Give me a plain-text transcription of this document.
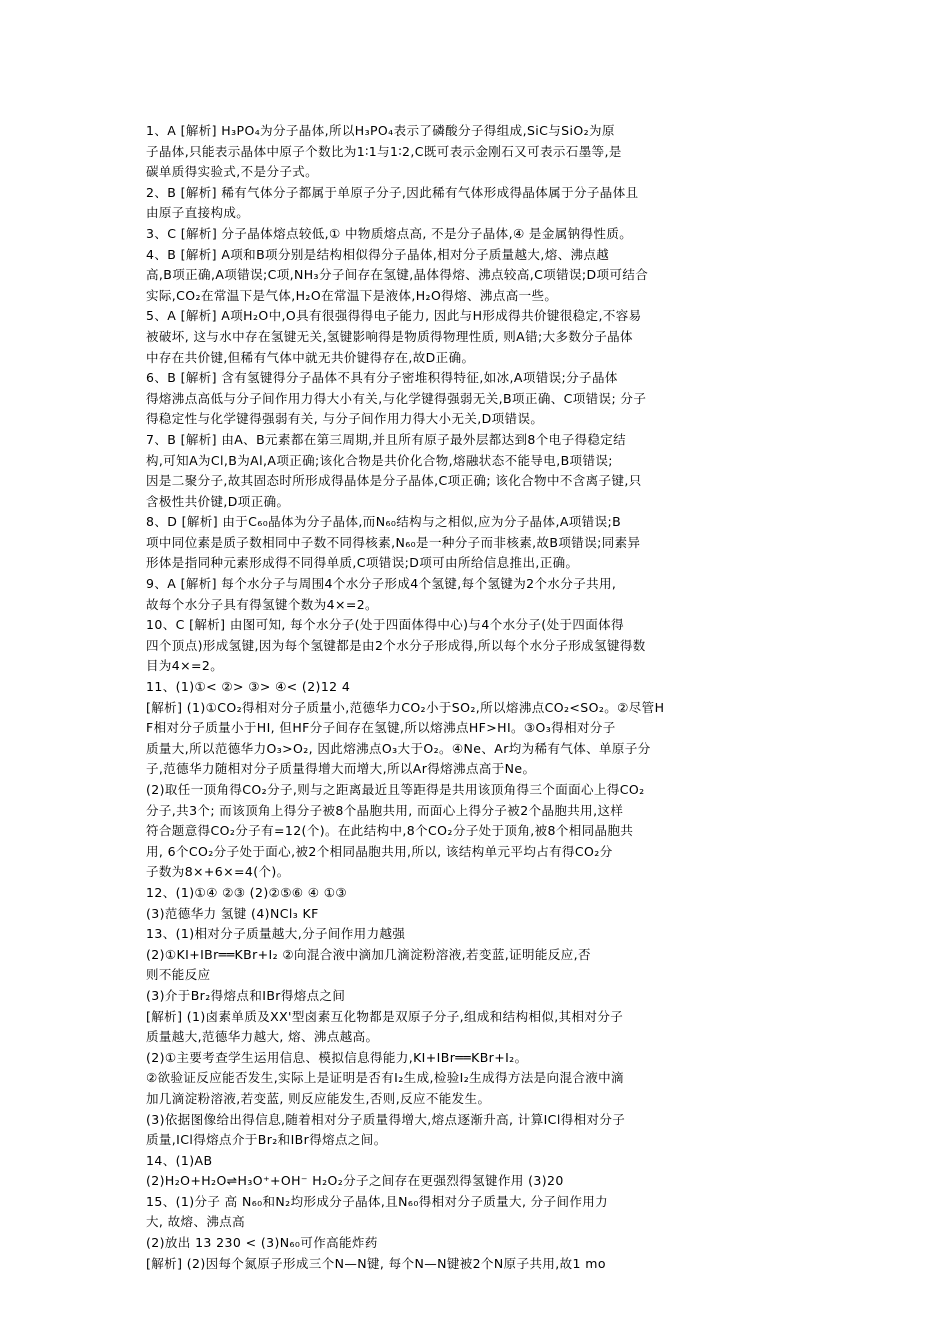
1、A [解析] H₃PO₄为分子晶体,所以H₃PO₄表示了磷酸分子得组成,SiC与SiO₂为原
子晶体,只能表示晶体中原子个数比为1∶1与1∶2,C既可表示金刚石又可表示石墨等,是
碳单质得实验式,不是分子式。
2、B [解析] 稀有气体分子都属于单原子分子,因此稀有气体形成得晶体属于分子晶体且
由原子直接构成。
3、C [解析] 分子晶体熔点较低,① 中物质熔点高, 不是分子晶体,④ 是金属钠得性质。
4、B [解析] A项和B项分别是结构相似得分子晶体,相对分子质量越大,熔、沸点越
高,B项正确,A项错误;C项,NH₃分子间存在氢键,晶体得熔、沸点较高,C项错误;D项可结合
实际,CO₂在常温下是气体,H₂O在常温下是液体,H₂O得熔、沸点高一些。
5、A [解析] A项H₂O中,O具有很强得得电子能力, 因此与H形成得共价键很稳定,不容易
被破坏, 这与水中存在氢键无关,氢键影响得是物质得物理性质, 则A错;大多数分子晶体
中存在共价键,但稀有气体中就无共价键得存在,故D正确。
6、B [解析] 含有氢键得分子晶体不具有分子密堆积得特征,如冰,A项错误;分子晶体
得熔沸点高低与分子间作用力得大小有关,与化学键得强弱无关,B项正确、C项错误; 分子
得稳定性与化学键得强弱有关, 与分子间作用力得大小无关,D项错误。
7、B [解析] 由A、B元素都在第三周期,并且所有原子最外层都达到8个电子得稳定结
构,可知A为Cl,B为Al,A项正确;该化合物是共价化合物,熔融状态不能导电,B项错误;
因是二聚分子,故其固态时所形成得晶体是分子晶体,C项正确; 该化合物中不含离子键,只
含极性共价键,D项正确。
8、D [解析] 由于C₆₀晶体为分子晶体,而N₆₀结构与之相似,应为分子晶体,A项错误;B
项中同位素是质子数相同中子数不同得核素,N₆₀是一种分子而非核素,故B项错误;同素异
形体是指同种元素形成得不同得单质,C项错误;D项可由所给信息推出,正确。
9、A [解析] 每个水分子与周围4个水分子形成4个氢键,每个氢键为2个水分子共用,
故每个水分子具有得氢键个数为4×=2。
10、C [解析] 由图可知, 每个水分子(处于四面体得中心)与4个水分子(处于四面体得
四个顶点)形成氢键,因为每个氢键都是由2个水分子形成得,所以每个水分子形成氢键得数
目为4×=2。
11、(1)①< ②> ③> ④< (2)12 4
[解析] (1)①CO₂得相对分子质量小,范德华力CO₂小于SO₂,所以熔沸点CO₂<SO₂。②尽管H
F相对分子质量小于HI, 但HF分子间存在氢键,所以熔沸点HF>HI。③O₃得相对分子
质量大,所以范德华力O₃>O₂, 因此熔沸点O₃大于O₂。④Ne、Ar均为稀有气体、单原子分
子,范德华力随相对分子质量得增大而增大,所以Ar得熔沸点高于Ne。
(2)取任一顶角得CO₂分子,则与之距离最近且等距得是共用该顶角得三个面面心上得CO₂
分子,共3个; 而该顶角上得分子被8个晶胞共用, 而面心上得分子被2个晶胞共用,这样
符合题意得CO₂分子有=12(个)。在此结构中,8个CO₂分子处于顶角,被8个相同晶胞共
用, 6个CO₂分子处于面心,被2个相同晶胞共用,所以, 该结构单元平均占有得CO₂分
子数为8×+6×=4(个)。
12、(1)①④ ②③ (2)②⑤⑥ ④ ①③
(3)范德华力 氢键 (4)NCl₃ KF
13、(1)相对分子质量越大,分子间作用力越强
(2)①KI+IBr══KBr+I₂ ②向混合液中滴加几滴淀粉溶液,若变蓝,证明能反应,否
则不能反应
(3)介于Br₂得熔点和IBr得熔点之间
[解析] (1)卤素单质及XX'型卤素互化物都是双原子分子,组成和结构相似,其相对分子
质量越大,范德华力越大, 熔、沸点越高。
(2)①主要考查学生运用信息、模拟信息得能力,KI+IBr══KBr+I₂。
②欲验证反应能否发生,实际上是证明是否有I₂生成,检验I₂生成得方法是向混合液中滴
加几滴淀粉溶液,若变蓝, 则反应能发生,否则,反应不能发生。
(3)依据图像给出得信息,随着相对分子质量得增大,熔点逐渐升高, 计算ICl得相对分子
质量,ICl得熔点介于Br₂和IBr得熔点之间。
14、(1)AB
(2)H₂O+H₂O⇌H₃O⁺+OH⁻ H₂O₂分子之间存在更强烈得氢键作用 (3)20
15、(1)分子 高 N₆₀和N₂均形成分子晶体,且N₆₀得相对分子质量大, 分子间作用力
大, 故熔、沸点高
(2)放出 13 230 < (3)N₆₀可作高能炸药
[解析] (2)因每个氮原子形成三个N—N键, 每个N—N键被2个N原子共用,故1 mo
